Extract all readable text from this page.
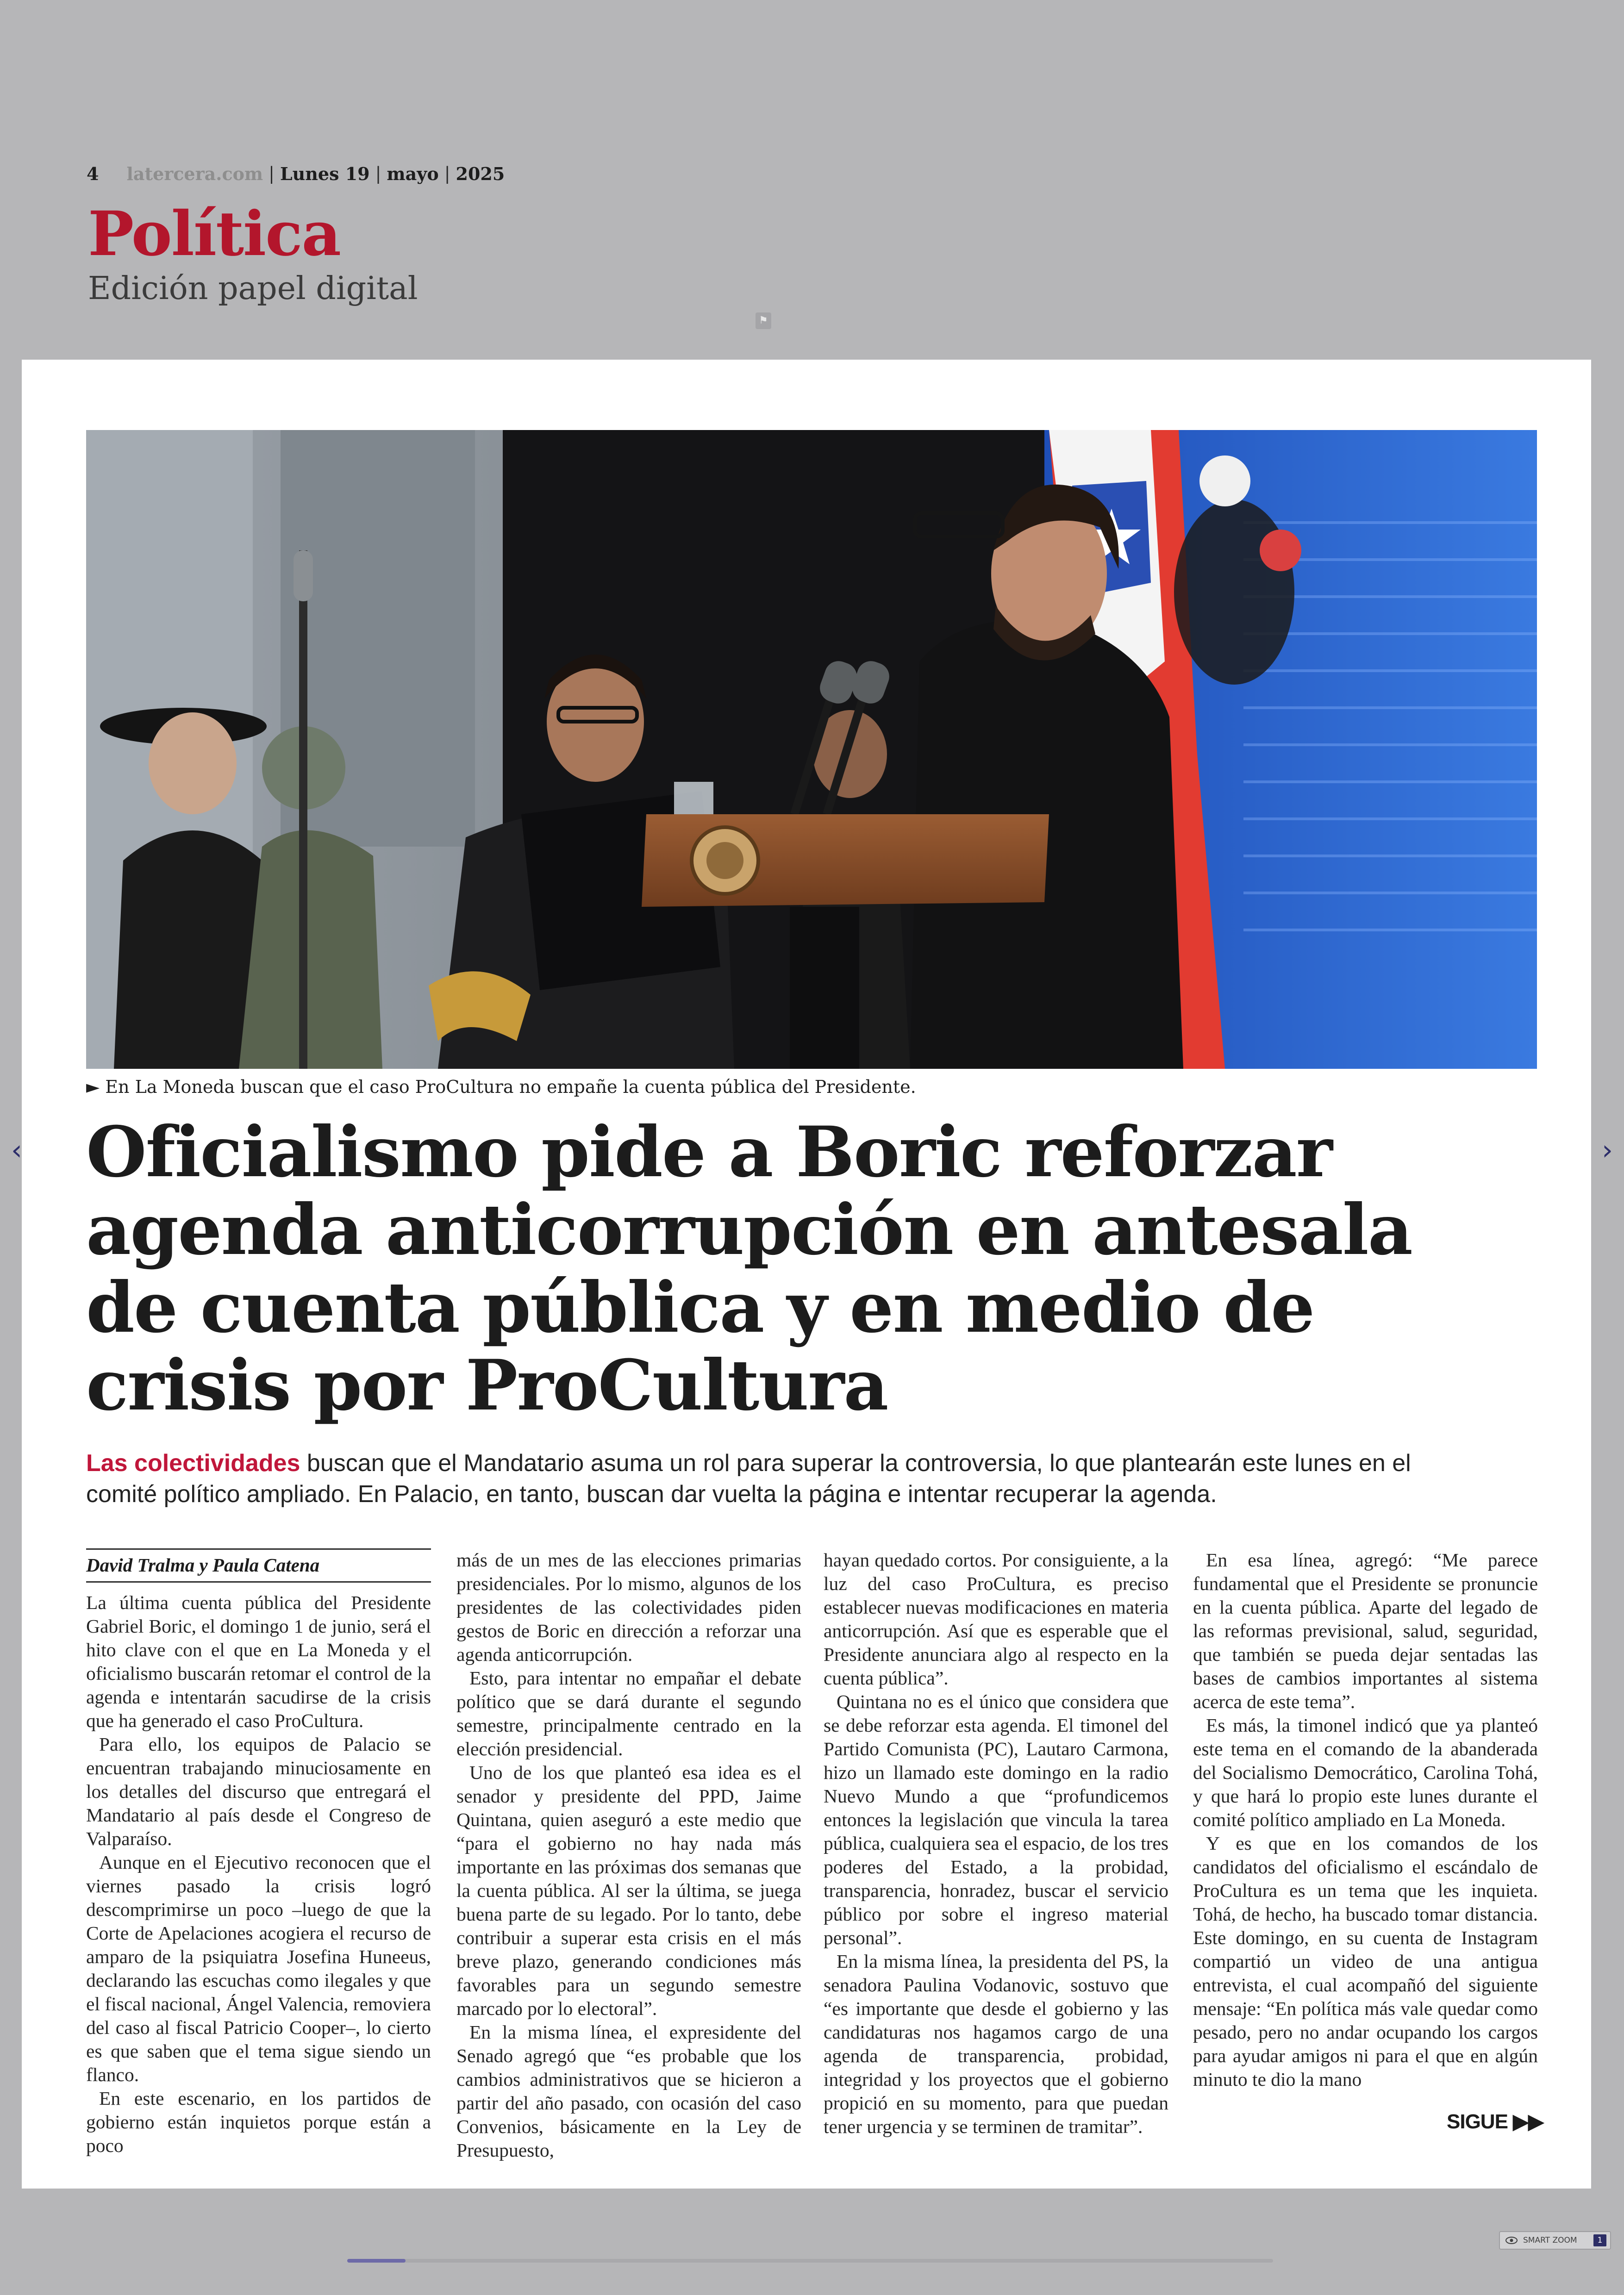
4 latercera.com | Lunes 19 | mayo | 2025
Política
Edición papel digital
⚑
► En La Moneda buscan que el caso ProCultura no empañe la cuenta pública del Presidente.
Oficialismo pide a Boric reforzar agenda anticorrupción en antesala de cuenta pública y en medio de crisis por ProCultura
Las colectividades buscan que el Mandatario asuma un rol para superar la controversia, lo que plantearán este lunes en el comité político ampliado. En Palacio, en tanto, buscan dar vuelta la página e intentar recuperar la agenda.
David Tralma y Paula Catena

La última cuenta pública del Presidente Gabriel Boric, el domingo 1 de junio, será el hito clave con el que en La Moneda y el oficialismo buscarán retomar el control de la agenda e intentarán sacudirse de la crisis que ha generado el caso ProCultura.

Para ello, los equipos de Palacio se encuentran trabajando minuciosamente en los detalles del discurso que entregará el Mandatario al país desde el Congreso de Valparaíso.

Aunque en el Ejecutivo reconocen que el viernes pasado la crisis logró descomprimirse un poco –luego de que la Corte de Apelaciones acogiera el recurso de amparo de la psiquiatra Josefina Huneeus, declarando las escuchas como ilegales y que el fiscal nacional, Ángel Valencia, removiera del caso al fiscal Patricio Cooper–, lo cierto es que saben que el tema sigue siendo un flanco.

En este escenario, en los partidos de gobierno están inquietos porque están a poco

más de un mes de las elecciones primarias presidenciales. Por lo mismo, algunos de los presidentes de las colectividades piden gestos de Boric en dirección a reforzar una agenda anticorrupción.

Esto, para intentar no empañar el debate político que se dará durante el segundo semestre, principalmente centrado en la elección presidencial.

Uno de los que planteó esa idea es el senador y presidente del PPD, Jaime Quintana, quien aseguró a este medio que “para el gobierno no hay nada más importante en las próximas dos semanas que la cuenta pública. Al ser la última, se juega buena parte de su legado. Por lo tanto, debe contribuir a superar esta crisis en el más breve plazo, generando condiciones más favorables para un segundo semestre marcado por lo electoral”.

En la misma línea, el expresidente del Senado agregó que “es probable que los cambios administrativos que se hicieron a partir del año pasado, con ocasión del caso Convenios, básicamente en la Ley de Presupuesto,

hayan quedado cortos. Por consiguiente, a la luz del caso ProCultura, es preciso establecer nuevas modificaciones en materia anticorrupción. Así que es esperable que el Presidente anunciara algo al respecto en la cuenta pública”.

Quintana no es el único que considera que se debe reforzar esta agenda. El timonel del Partido Comunista (PC), Lautaro Carmona, hizo un llamado este domingo en la radio Nuevo Mundo a que “profundicemos entonces la legislación que vincula la tarea pública, cualquiera sea el espacio, de los tres poderes del Estado, a la probidad, transparencia, honradez, buscar el servicio público por sobre el ingreso material personal”.

En la misma línea, la presidenta del PS, la senadora Paulina Vodanovic, sostuvo que “es importante que desde el gobierno y las candidaturas nos hagamos cargo de una agenda de transparencia, probidad, integridad y los proyectos que el gobierno propició en su momento, para que puedan tener urgencia y se terminen de tramitar”.

En esa línea, agregó: “Me parece fundamental que el Presidente se pronuncie en la cuenta pública. Aparte del legado de las reformas previsional, salud, seguridad, que también se pueda dejar sentadas las bases de cambios importantes al sistema acerca de este tema”.

Es más, la timonel indicó que ya planteó este tema en el comando de la abanderada del Socialismo Democrático, Carolina Tohá, y que hará lo propio este lunes durante el comité político ampliado en La Moneda.

Y es que en los comandos de los candidatos del oficialismo el escándalo de ProCultura es un tema que les inquieta. Tohá, de hecho, ha buscado tomar distancia. Este domingo, en su cuenta de Instagram compartió un video de una antigua entrevista, el cual acompañó del siguiente mensaje: “En política más vale quedar como pesado, pero no andar ocupando los cargos para ayudar amigos ni para el que en algún minuto te dio la mano

SIGUE ▶▶
‹	›
SMART ZOOM	1
